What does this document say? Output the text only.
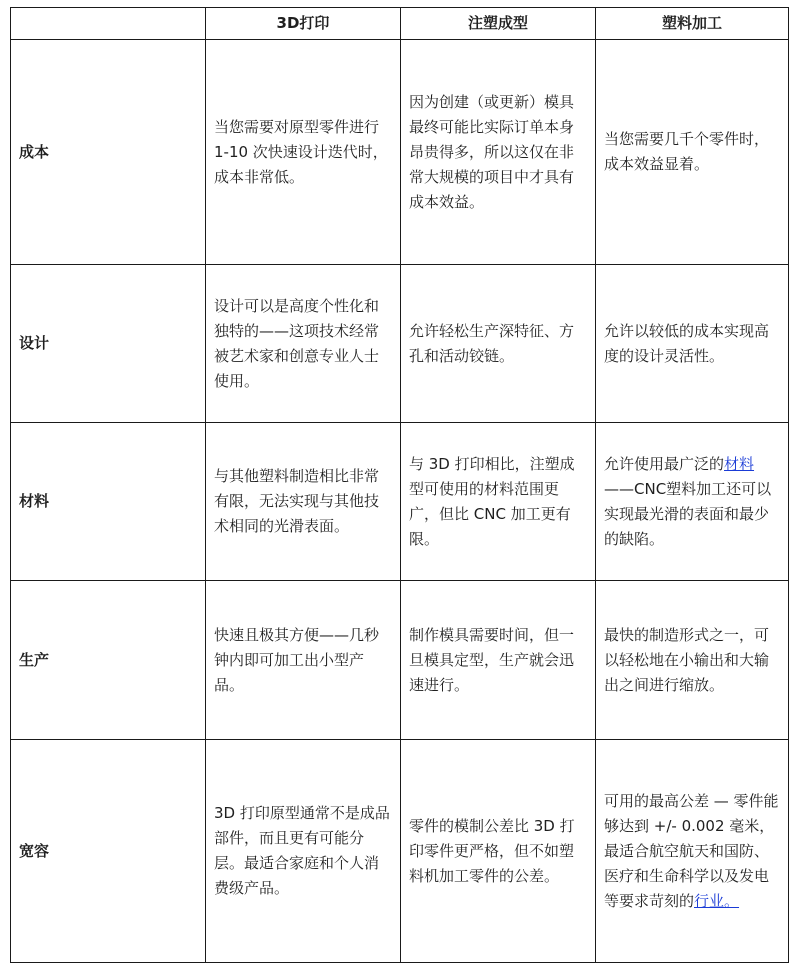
	3D打印	注塑成型	塑料加工
成本	当您需要对原型零件进行 1-10 次快速设计迭代时，成本非常低。	因为创建（或更新）模具最终可能比实际订单本身昂贵得多，所以这仅在非常大规模的项目中才具有成本效益。	当您需要几千个零件时，成本效益显着。
设计	设计可以是高度个性化和独特的——这项技术经常被艺术家和创意专业人士使用。	允许轻松生产深特征、方孔和活动铰链。	允许以较低的成本实现高度的设计灵活性。
材料	与其他塑料制造相比非常有限，无法实现与其他技术相同的光滑表面。	与 3D 打印相比，注塑成型可使用的材料范围更广，但比 CNC 加工更有限。	允许使用最广泛的材料——CNC塑料加工还可以实现最光滑的表面和最少的缺陷。
生产	快速且极其方便——几秒钟内即可加工出小型产品。	制作模具需要时间，但一旦模具定型，生产就会迅速进行。	最快的制造形式之一，可以轻松地在小输出和大输出之间进行缩放。
宽容	3D 打印原型通常不是成品部件，而且更有可能分层。最适合家庭和个人消费级产品。	零件的模制公差比 3D 打印零件更严格，但不如塑料机加工零件的公差。	可用的最高公差 — 零件能够达到 +/- 0.002 毫米，最适合航空航天和国防、医疗和生命科学以及发电等要求苛刻的行业。
